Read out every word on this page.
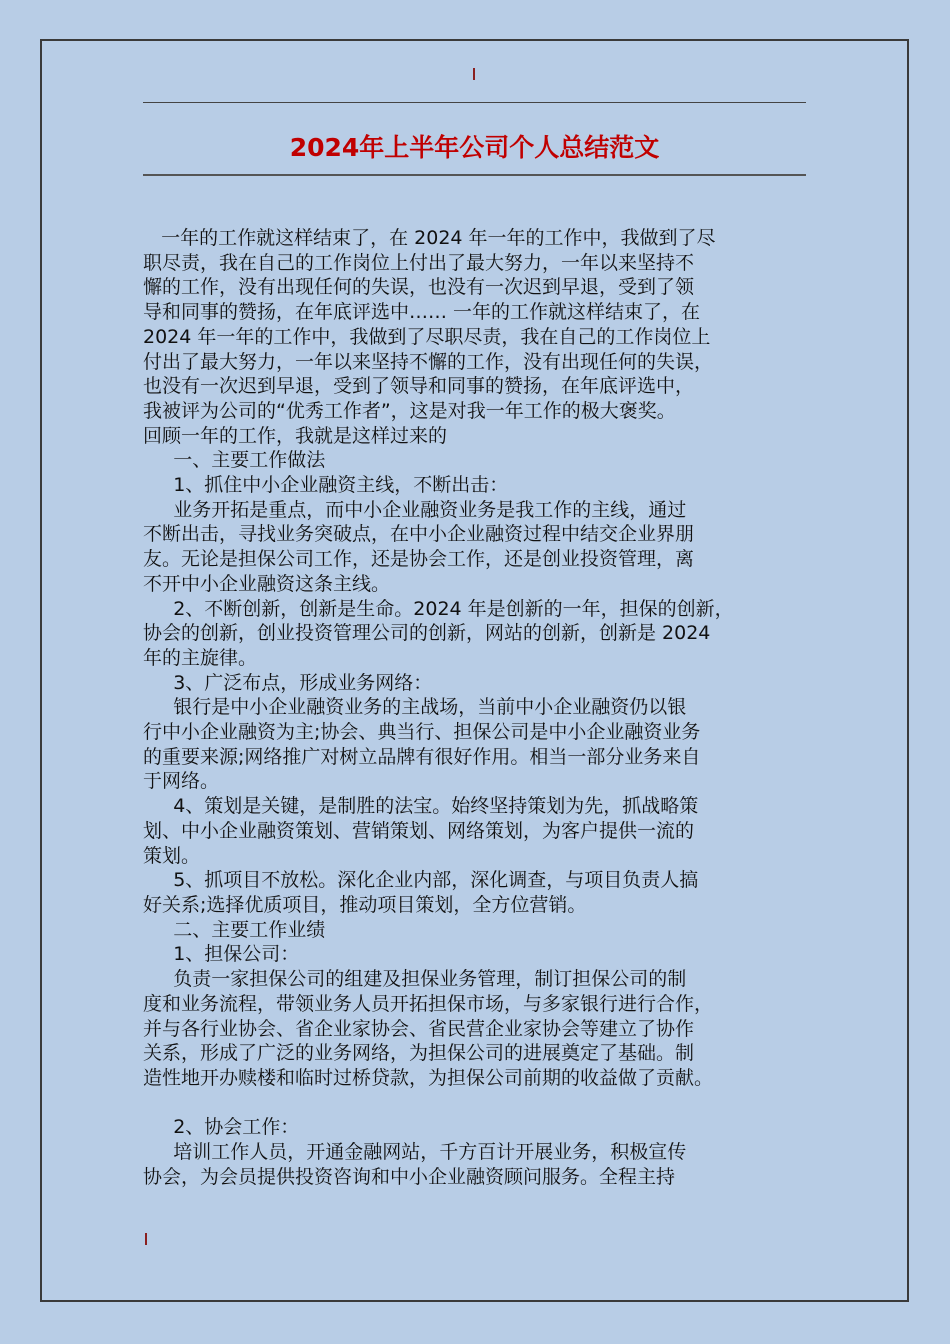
2024年上半年公司个人总结范文

一年的工作就这样结束了，在 2024 年一年的工作中，我做到了尽

职尽责，我在自己的工作岗位上付出了最大努力，一年以来坚持不

懈的工作，没有出现任何的失误，也没有一次迟到早退，受到了领

导和同事的赞扬，在年底评选中…… 一年的工作就这样结束了，在

2024 年一年的工作中，我做到了尽职尽责，我在自己的工作岗位上

付出了最大努力，一年以来坚持不懈的工作，没有出现任何的失误，

也没有一次迟到早退，受到了领导和同事的赞扬，在年底评选中，

我被评为公司的“优秀工作者”，这是对我一年工作的极大褒奖。

回顾一年的工作，我就是这样过来的

一、主要工作做法

1、抓住中小企业融资主线，不断出击：

业务开拓是重点，而中小企业融资业务是我工作的主线，通过

不断出击，寻找业务突破点，在中小企业融资过程中结交企业界朋

友。无论是担保公司工作，还是协会工作，还是创业投资管理，离

不开中小企业融资这条主线。

2、不断创新，创新是生命。2024 年是创新的一年，担保的创新，

协会的创新，创业投资管理公司的创新，网站的创新，创新是 2024

年的主旋律。

3、广泛布点，形成业务网络：

银行是中小企业融资业务的主战场，当前中小企业融资仍以银

行中小企业融资为主;协会、典当行、担保公司是中小企业融资业务

的重要来源;网络推广对树立品牌有很好作用。相当一部分业务来自

于网络。

4、策划是关键，是制胜的法宝。始终坚持策划为先，抓战略策

划、中小企业融资策划、营销策划、网络策划，为客户提供一流的

策划。

5、抓项目不放松。深化企业内部，深化调查，与项目负责人搞

好关系;选择优质项目，推动项目策划，全方位营销。

二、主要工作业绩

1、担保公司：

负责一家担保公司的组建及担保业务管理，制订担保公司的制

度和业务流程，带领业务人员开拓担保市场，与多家银行进行合作，

并与各行业协会、省企业家协会、省民营企业家协会等建立了协作

关系，形成了广泛的业务网络，为担保公司的进展奠定了基础。制

造性地开办赎楼和临时过桥贷款，为担保公司前期的收益做了贡献。

2、协会工作：

培训工作人员，开通金融网站，千方百计开展业务，积极宣传

协会，为会员提供投资咨询和中小企业融资顾问服务。全程主持
